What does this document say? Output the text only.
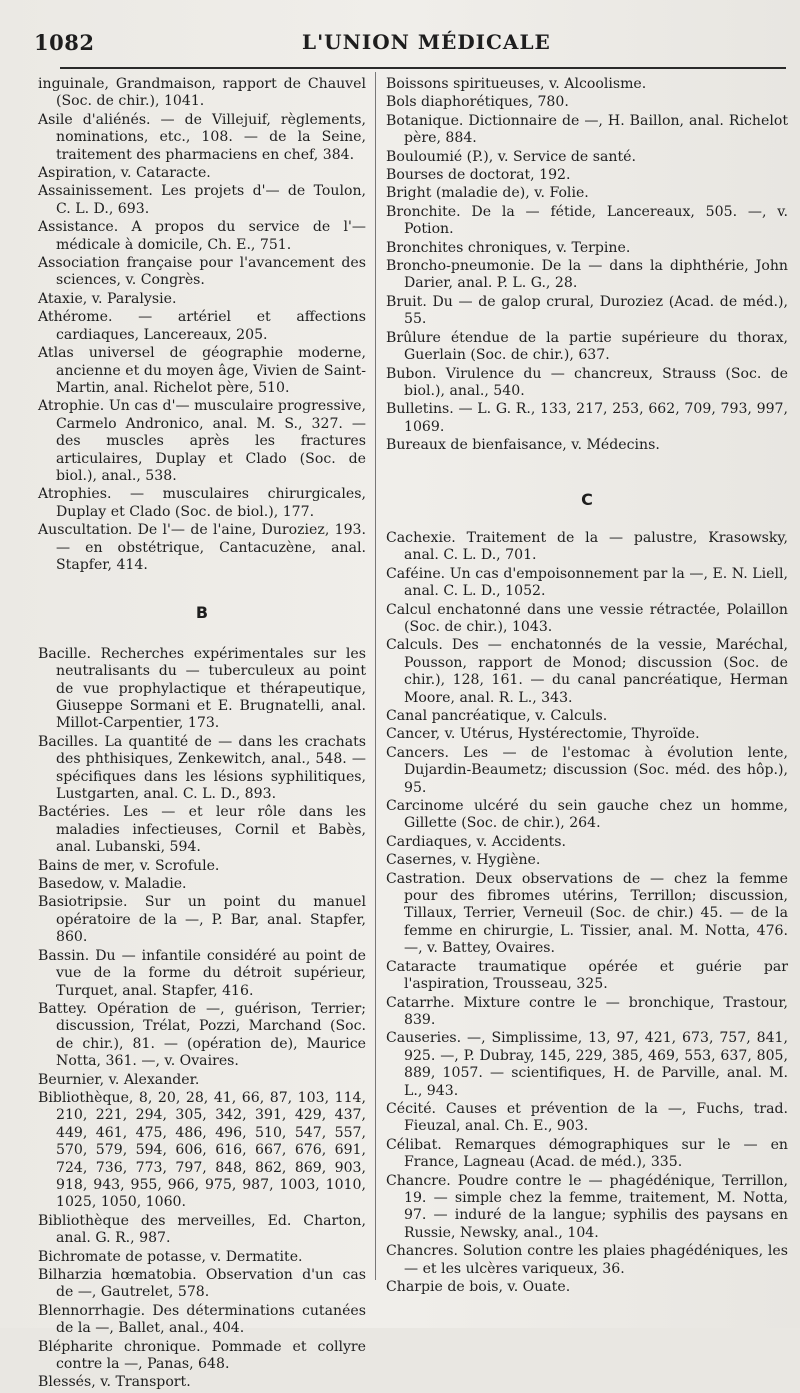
1082	L'UNION MÉDICALE

inguinale, Grandmaison, rapport de Chauvel (Soc. de chir.), 1041.

Asile d'aliénés. — de Villejuif, règlements, nominations, etc., 108. — de la Seine, traitement des pharmaciens en chef, 384.

Aspiration, v. Cataracte.

Assainissement. Les projets d'— de Toulon, C. L. D., 693.

Assistance. A propos du service de l'— médicale à domicile, Ch. E., 751.

Association française pour l'avancement des sciences, v. Congrès.

Ataxie, v. Paralysie.

Athérome. — artériel et affections cardiaques, Lancereaux, 205.

Atlas universel de géographie moderne, ancienne et du moyen âge, Vivien de Saint-Martin, anal. Richelot père, 510.

Atrophie. Un cas d'— musculaire progressive, Carmelo Andronico, anal. M. S., 327. — des muscles après les fractures articulaires, Duplay et Clado (Soc. de biol.), anal., 538.

Atrophies. — musculaires chirurgicales, Duplay et Clado (Soc. de biol.), 177.

Auscultation. De l'— de l'aine, Duroziez, 193. — en obstétrique, Cantacuzène, anal. Stapfer, 414.

B

Bacille. Recherches expérimentales sur les neutralisants du — tuberculeux au point de vue prophylactique et thérapeutique, Giuseppe Sormani et E. Brugnatelli, anal. Millot-Carpentier, 173.

Bacilles. La quantité de — dans les crachats des phthisiques, Zenkewitch, anal., 548. — spécifiques dans les lésions syphilitiques, Lustgarten, anal. C. L. D., 893.

Bactéries. Les — et leur rôle dans les maladies infectieuses, Cornil et Babès, anal. Lubanski, 594.

Bains de mer, v. Scrofule.

Basedow, v. Maladie.

Basiotripsie. Sur un point du manuel opératoire de la —, P. Bar, anal. Stapfer, 860.

Bassin. Du — infantile considéré au point de vue de la forme du détroit supérieur, Turquet, anal. Stapfer, 416.

Battey. Opération de —, guérison, Terrier; discussion, Trélat, Pozzi, Marchand (Soc. de chir.), 81. — (opération de), Maurice Notta, 361. —, v. Ovaires.

Beurnier, v. Alexander.

Bibliothèque, 8, 20, 28, 41, 66, 87, 103, 114, 210, 221, 294, 305, 342, 391, 429, 437, 449, 461, 475, 486, 496, 510, 547, 557, 570, 579, 594, 606, 616, 667, 676, 691, 724, 736, 773, 797, 848, 862, 869, 903, 918, 943, 955, 966, 975, 987, 1003, 1010, 1025, 1050, 1060.

Bibliothèque des merveilles, Ed. Charton, anal. G. R., 987.

Bichromate de potasse, v. Dermatite.

Bilharzia hœmatobia. Observation d'un cas de —, Gautrelet, 578.

Blennorrhagie. Des déterminations cutanées de la —, Ballet, anal., 404.

Blépharite chronique. Pommade et collyre contre la —, Panas, 648.

Blessés, v. Transport.

Boissons spiritueuses, v. Alcoolisme.

Bols diaphorétiques, 780.

Botanique. Dictionnaire de —, H. Baillon, anal. Richelot père, 884.

Bouloumié (P.), v. Service de santé.

Bourses de doctorat, 192.

Bright (maladie de), v. Folie.

Bronchite. De la — fétide, Lancereaux, 505. —, v. Potion.

Bronchites chroniques, v. Terpine.

Broncho-pneumonie. De la — dans la diphthérie, John Darier, anal. P. L. G., 28.

Bruit. Du — de galop crural, Duroziez (Acad. de méd.), 55.

Brûlure étendue de la partie supérieure du thorax, Guerlain (Soc. de chir.), 637.

Bubon. Virulence du — chancreux, Strauss (Soc. de biol.), anal., 540.

Bulletins. — L. G. R., 133, 217, 253, 662, 709, 793, 997, 1069.

Bureaux de bienfaisance, v. Médecins.

C

Cachexie. Traitement de la — palustre, Krasowsky, anal. C. L. D., 701.

Caféine. Un cas d'empoisonnement par la —, E. N. Liell, anal. C. L. D., 1052.

Calcul enchatonné dans une vessie rétractée, Polaillon (Soc. de chir.), 1043.

Calculs. Des — enchatonnés de la vessie, Maréchal, Pousson, rapport de Monod; discussion (Soc. de chir.), 128, 161. — du canal pancréatique, Herman Moore, anal. R. L., 343.

Canal pancréatique, v. Calculs.

Cancer, v. Utérus, Hystérectomie, Thyroïde.

Cancers. Les — de l'estomac à évolution lente, Dujardin-Beaumetz; discussion (Soc. méd. des hôp.), 95.

Carcinome ulcéré du sein gauche chez un homme, Gillette (Soc. de chir.), 264.

Cardiaques, v. Accidents.

Casernes, v. Hygiène.

Castration. Deux observations de — chez la femme pour des fibromes utérins, Terrillon; discussion, Tillaux, Terrier, Verneuil (Soc. de chir.) 45. — de la femme en chirurgie, L. Tissier, anal. M. Notta, 476. —, v. Battey, Ovaires.

Cataracte traumatique opérée et guérie par l'aspiration, Trousseau, 325.

Catarrhe. Mixture contre le — bronchique, Trastour, 839.

Causeries. —, Simplissime, 13, 97, 421, 673, 757, 841, 925. —, P. Dubray, 145, 229, 385, 469, 553, 637, 805, 889, 1057. — scientifiques, H. de Parville, anal. M. L., 943.

Cécité. Causes et prévention de la —, Fuchs, trad. Fieuzal, anal. Ch. E., 903.

Célibat. Remarques démographiques sur le — en France, Lagneau (Acad. de méd.), 335.

Chancre. Poudre contre le — phagédénique, Terrillon, 19. — simple chez la femme, traitement, M. Notta, 97. — induré de la langue; syphilis des paysans en Russie, Newsky, anal., 104.

Chancres. Solution contre les plaies phagédéniques, les — et les ulcères variqueux, 36.

Charpie de bois, v. Ouate.
